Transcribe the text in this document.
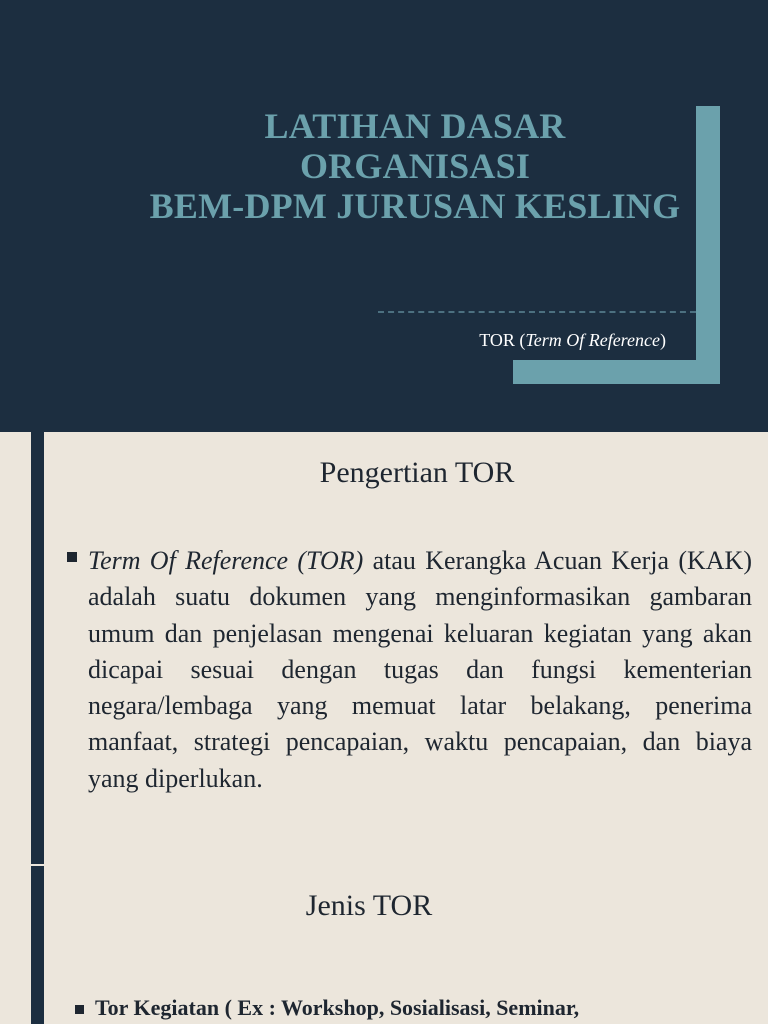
LATIHAN DASAR
ORGANISASI
BEM-DPM JURUSAN KESLING

TOR (Term Of Reference)

Pengertian TOR

Term Of Reference (TOR) atau Kerangka Acuan Kerja (KAK) adalah suatu dokumen yang menginformasikan gambaran umum dan penjelasan mengenai keluaran kegiatan yang akan dicapai sesuai dengan tugas dan fungsi kementerian negara/lembaga yang memuat latar belakang, penerima manfaat, strategi pencapaian, waktu pencapaian, dan biaya yang diperlukan.

Jenis TOR

Tor Kegiatan ( Ex : Workshop, Sosialisasi, Seminar,
